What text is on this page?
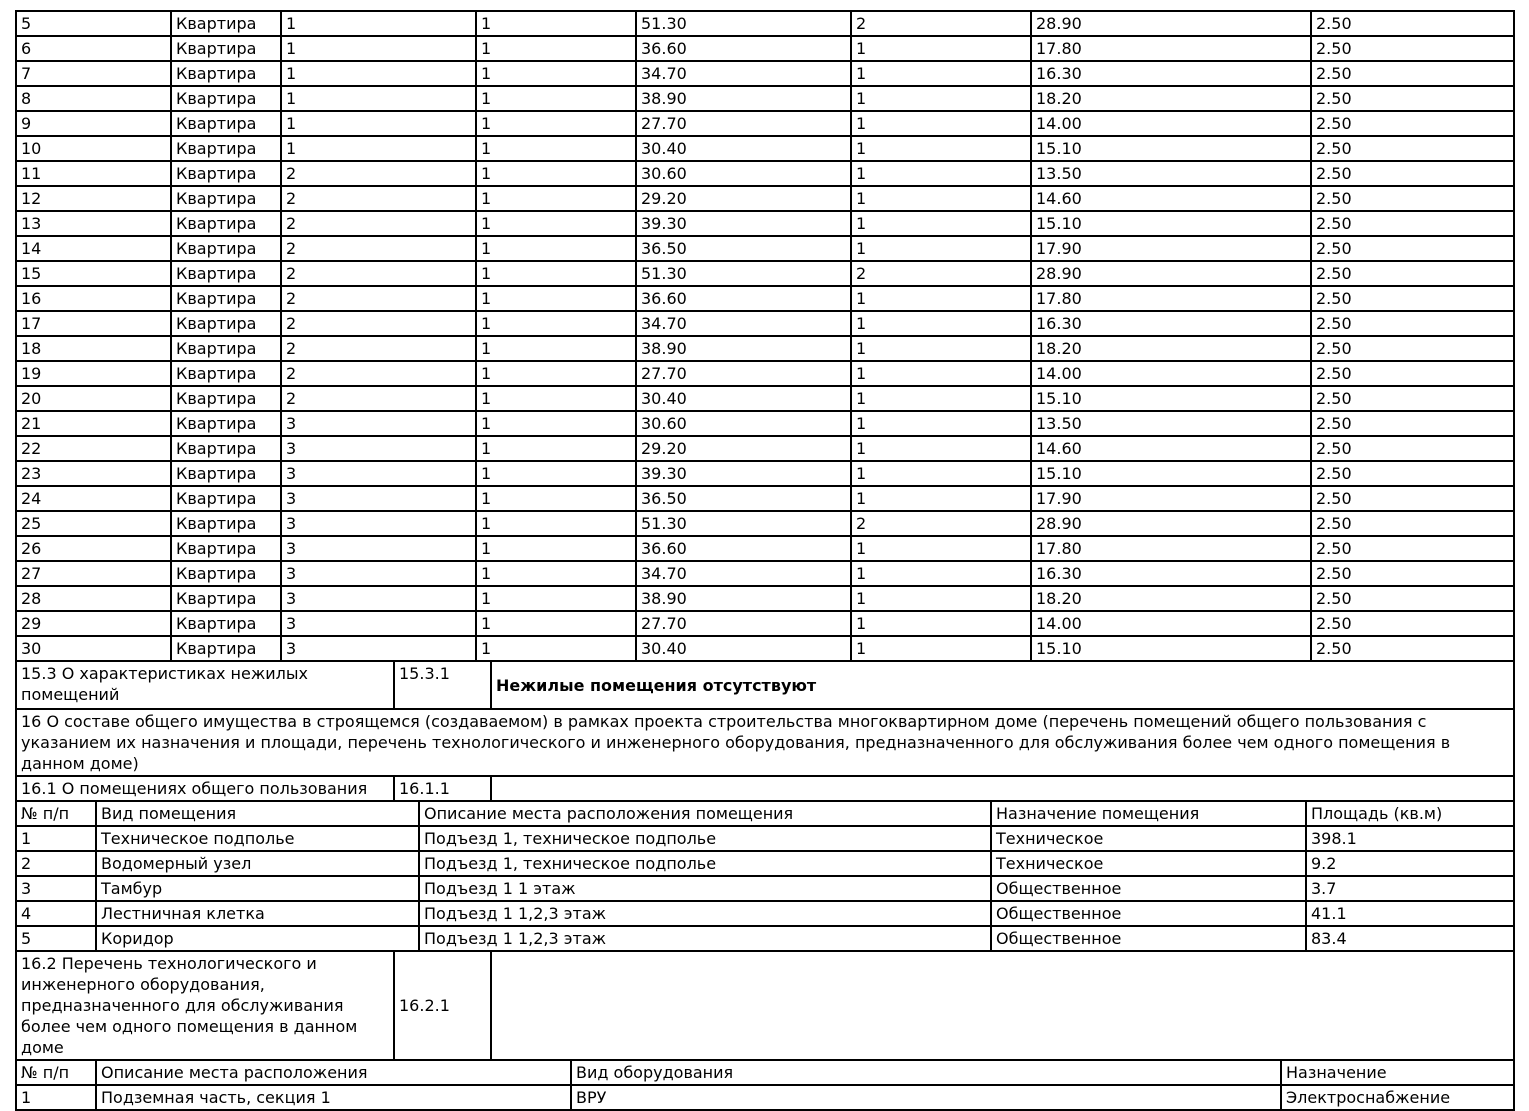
5	Квартира	1	1	51.30	2	28.90	2.50
6	Квартира	1	1	36.60	1	17.80	2.50
7	Квартира	1	1	34.70	1	16.30	2.50
8	Квартира	1	1	38.90	1	18.20	2.50
9	Квартира	1	1	27.70	1	14.00	2.50
10	Квартира	1	1	30.40	1	15.10	2.50
11	Квартира	2	1	30.60	1	13.50	2.50
12	Квартира	2	1	29.20	1	14.60	2.50
13	Квартира	2	1	39.30	1	15.10	2.50
14	Квартира	2	1	36.50	1	17.90	2.50
15	Квартира	2	1	51.30	2	28.90	2.50
16	Квартира	2	1	36.60	1	17.80	2.50
17	Квартира	2	1	34.70	1	16.30	2.50
18	Квартира	2	1	38.90	1	18.20	2.50
19	Квартира	2	1	27.70	1	14.00	2.50
20	Квартира	2	1	30.40	1	15.10	2.50
21	Квартира	3	1	30.60	1	13.50	2.50
22	Квартира	3	1	29.20	1	14.60	2.50
23	Квартира	3	1	39.30	1	15.10	2.50
24	Квартира	3	1	36.50	1	17.90	2.50
25	Квартира	3	1	51.30	2	28.90	2.50
26	Квартира	3	1	36.60	1	17.80	2.50
27	Квартира	3	1	34.70	1	16.30	2.50
28	Квартира	3	1	38.90	1	18.20	2.50
29	Квартира	3	1	27.70	1	14.00	2.50
30	Квартира	3	1	30.40	1	15.10	2.50
15.3 О характеристиках нежилых помещений	15.3.1	Нежилые помещения отсутствуют
16 О составе общего имущества в строящемся (создаваемом) в рамках проекта строительства многоквартирном доме (перечень помещений общего пользования с указанием их назначения и площади, перечень технологического и инженерного оборудования, предназначенного для обслуживания более чем одного помещения в данном доме)
16.1 О помещениях общего пользования	16.1.1	
№ п/п	Вид помещения	Описание места расположения помещения	Назначение помещения	Площадь (кв.м)
1	Техническое подполье	Подъезд 1, техническое подполье	Техническое	398.1
2	Водомерный узел	Подъезд 1, техническое подполье	Техническое	9.2
3	Тамбур	Подъезд 1 1 этаж	Общественное	3.7
4	Лестничная клетка	Подъезд 1 1,2,3 этаж	Общественное	41.1
5	Коридор	Подъезд 1 1,2,3 этаж	Общественное	83.4
16.2 Перечень технологического и инженерного оборудования, предназначенного для обслуживания более чем одного помещения в данном доме	16.2.1	
№ п/п	Описание места расположения	Вид оборудования	Назначение
1	Подземная часть, секция 1	ВРУ	Электроснабжение
